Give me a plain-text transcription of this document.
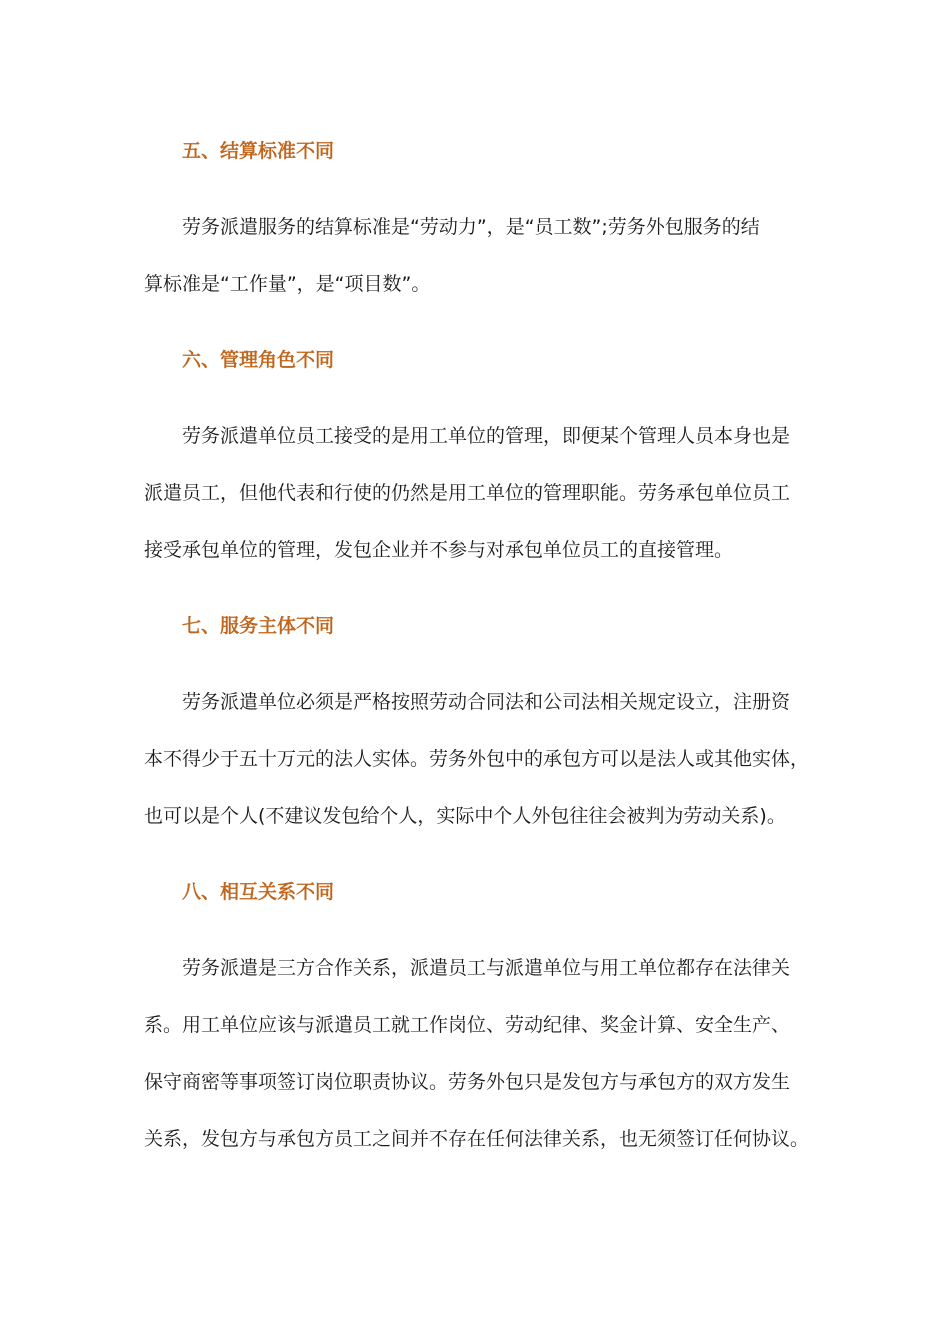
五、结算标准不同
劳务派遣服务的结算标准是“劳动力”，是“员工数”;劳务外包服务的结
算标准是“工作量”，是“项目数”。
六、管理角色不同
劳务派遣单位员工接受的是用工单位的管理，即便某个管理人员本身也是
派遣员工，但他代表和行使的仍然是用工单位的管理职能。劳务承包单位员工
接受承包单位的管理，发包企业并不参与对承包单位员工的直接管理。
七、服务主体不同
劳务派遣单位必须是严格按照劳动合同法和公司法相关规定设立，注册资
本不得少于五十万元的法人实体。劳务外包中的承包方可以是法人或其他实体，
也可以是个人(不建议发包给个人，实际中个人外包往往会被判为劳动关系)。
八、相互关系不同
劳务派遣是三方合作关系，派遣员工与派遣单位与用工单位都存在法律关
系。用工单位应该与派遣员工就工作岗位、劳动纪律、奖金计算、安全生产、
保守商密等事项签订岗位职责协议。劳务外包只是发包方与承包方的双方发生
关系，发包方与承包方员工之间并不存在任何法律关系，也无须签订任何协议。
